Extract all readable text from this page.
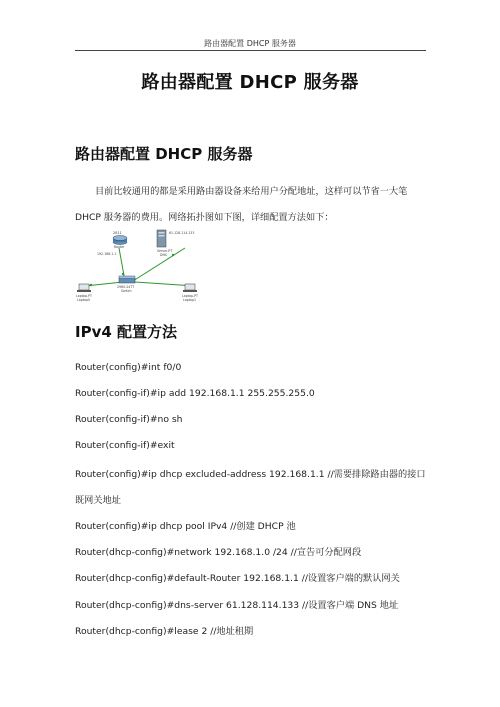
路由器配置 DHCP 服务器
路由器配置 DHCP 服务器
路由器配置 DHCP 服务器
目前比较通用的都是采用路由器设备来给用户分配地址，这样可以节省一大笔
DHCP 服务器的费用。网络拓扑图如下图，详细配置方法如下：
2811
Router
192.168.1.1
61.128.114.133
Server-PT
DNS
2960-24TT
Switch
Laptop-PT
Laptop0
Laptop-PT
Laptop1
IPv4 配置方法
Router(config)#int f0/0
Router(config-if)#ip add 192.168.1.1 255.255.255.0
Router(config-if)#no sh
Router(config-if)#exit
Router(config)#ip dhcp excluded-address 192.168.1.1 //需要排除路由器的接口
既网关地址
Router(config)#ip dhcp pool IPv4 //创建 DHCP 池
Router(dhcp-config)#network 192.168.1.0 /24 //宣告可分配网段
Router(dhcp-config)#default-Router 192.168.1.1 //设置客户端的默认网关
Router(dhcp-config)#dns-server 61.128.114.133 //设置客户端 DNS 地址
Router(dhcp-config)#lease 2 //地址租期
